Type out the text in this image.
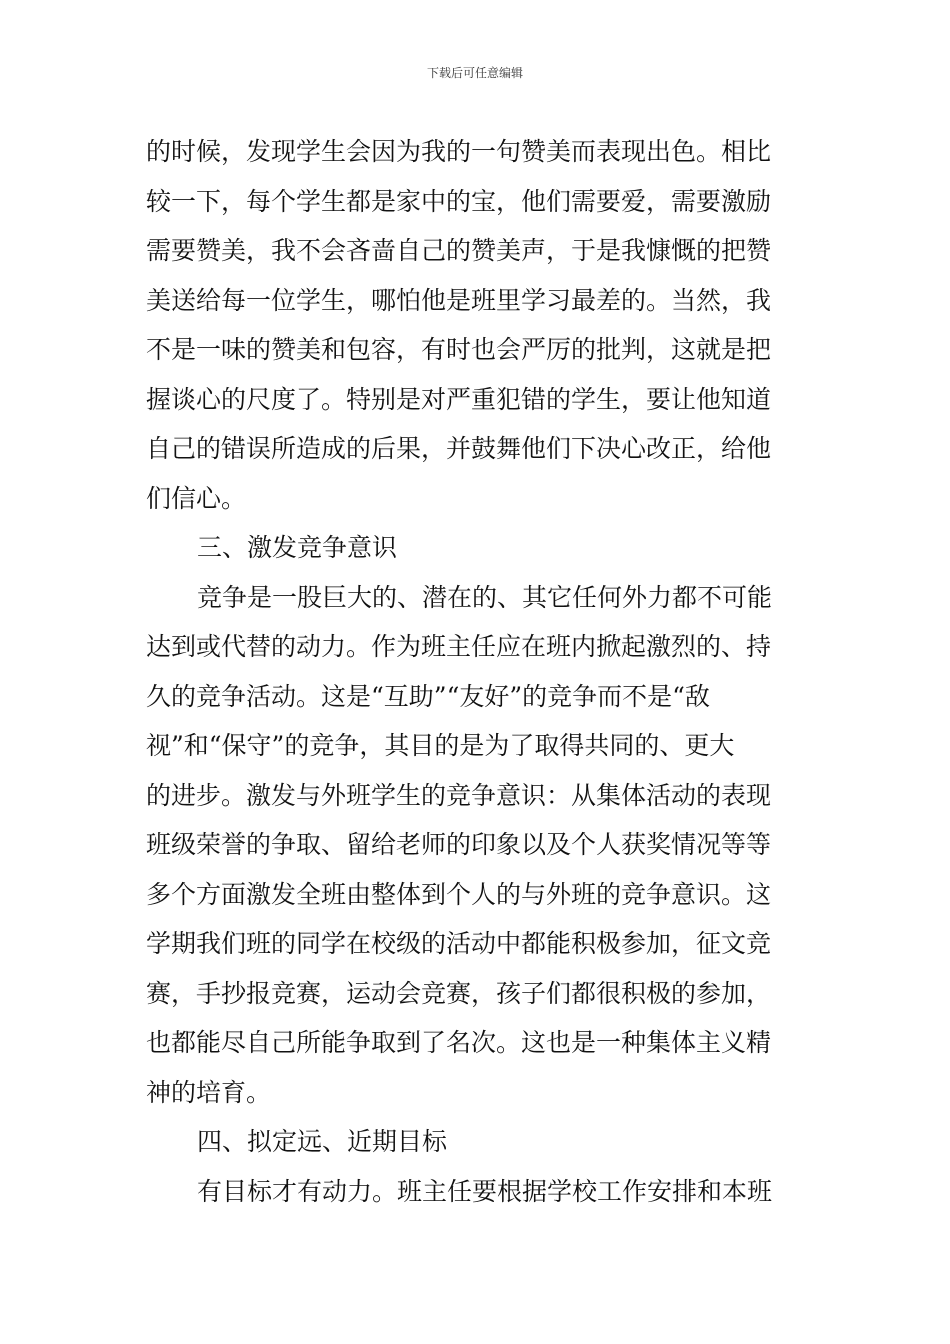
下载后可任意编辑
的时候，发现学生会因为我的一句赞美而表现出色。相比
较一下，每个学生都是家中的宝，他们需要爱，需要激励
需要赞美，我不会吝啬自己的赞美声，于是我慷慨的把赞
美送给每一位学生，哪怕他是班里学习最差的。当然，我
不是一味的赞美和包容，有时也会严厉的批判，这就是把
握谈心的尺度了。特别是对严重犯错的学生，要让他知道
自己的错误所造成的后果，并鼓舞他们下决心改正，给他
们信心。
三、激发竞争意识
竞争是一股巨大的、潜在的、其它任何外力都不可能
达到或代替的动力。作为班主任应在班内掀起激烈的、持
久的竞争活动。这是“互助”“友好”的竞争而不是“敌
视”和“保守”的竞争，其目的是为了取得共同的、更大
的进步。激发与外班学生的竞争意识：从集体活动的表现
班级荣誉的争取、留给老师的印象以及个人获奖情况等等
多个方面激发全班由整体到个人的与外班的竞争意识。这
学期我们班的同学在校级的活动中都能积极参加，征文竞
赛，手抄报竞赛，运动会竞赛，孩子们都很积极的参加，
也都能尽自己所能争取到了名次。这也是一种集体主义精
神的培育。
四、拟定远、近期目标
有目标才有动力。班主任要根据学校工作安排和本班
